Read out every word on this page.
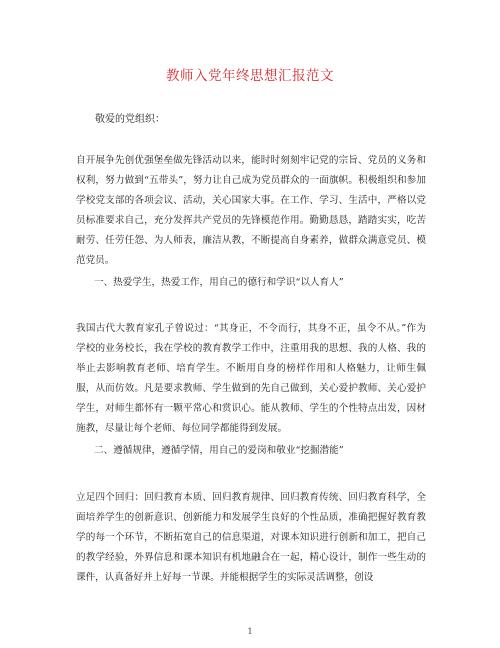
教师入党年终思想汇报范文
敬爱的党组织：
自开展争先创优强堡垒做先锋活动以来，能时时刻刻牢记党的宗旨、党员的义务和权利，努力做到“五带头”，努力让自己成为党员群众的一面旗帜。积极组织和参加学校党支部的各项会议、活动，关心国家大事。在工作、学习、生活中，严格以党员标准要求自己，充分发挥共产党员的先锋模范作用。勤勤恳恳，踏踏实实，吃苦耐劳、任劳任怨、为人师表，廉洁从教，不断提高自身素养，做群众满意党员、模范党员。
一、热爱学生，热爱工作，用自己的德行和学识“以人育人”
我国古代大教育家孔子曾说过：“其身正，不令而行，其身不正，虽令不从。”作为学校的业务校长，我在学校的教育教学工作中，注重用我的思想、我的人格、我的举止去影响教育老师、培育学生。不断用自身的榜样作用和人格魅力，让师生佩服，从而仿效。凡是要求教师、学生做到的先自己做到，关心爱护教师、关心爱护学生，对师生都怀有一颗平常心和赏识心。能从教师、学生的个性特点出发，因材施教，尽量让每个老师、每位同学都能得到发展。
二、遵循规律，遵循学情，用自己的爱岗和敬业“挖掘潜能”
立足四个回归：回归教育本质、回归教育规律、回归教育传统、回归教育科学，全面培养学生的创新意识、创新能力和发展学生良好的个性品质，准确把握好教育教学的每一个环节，不断拓宽自己的信息渠道，对课本知识进行创新和加工，把自己的教学经验，外界信息和课本知识有机地融合在一起，精心设计，制作一些生动的课件，认真备好并上好每一节课。并能根据学生的实际灵活调整，创设
1
